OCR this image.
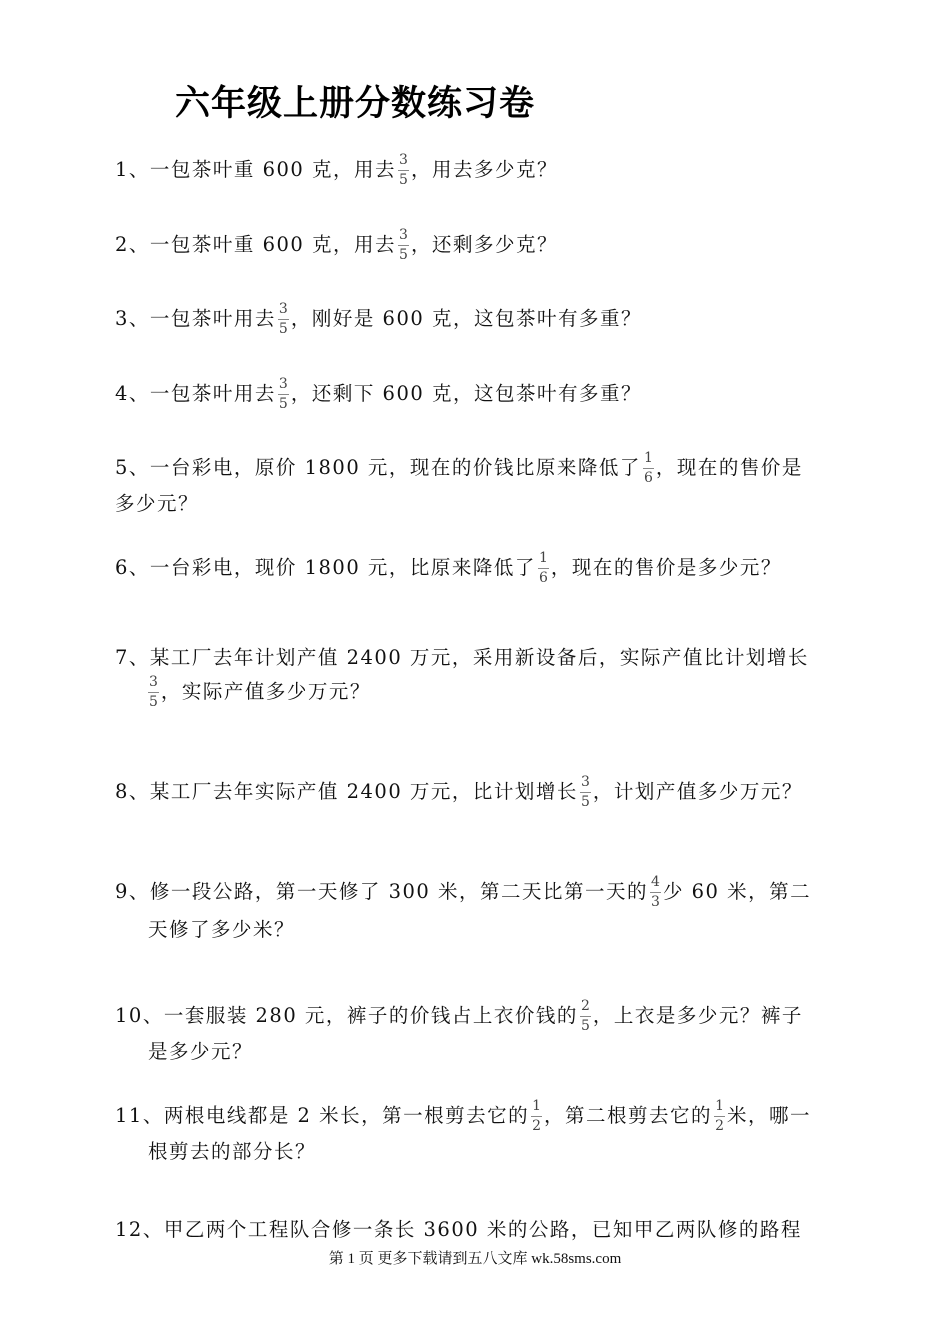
六年级上册分数练习卷
1、一包茶叶重 600 克，用去 $\frac{3}{5}$ ，用去多少克？
2、一包茶叶重 600 克，用去 $\frac{3}{5}$ ，还剩多少克？
3、一包茶叶用去 $\frac{3}{5}$ ，刚好是 600 克，这包茶叶有多重？
4、一包茶叶用去 $\frac{3}{5}$ ，还剩下 600 克，这包茶叶有多重？
5、一台彩电，原价 1800 元，现在的价钱比原来降低了 $\frac{1}{6}$ ，现在的售价是
多少元？
6、一台彩电，现价 1800 元，比原来降低了 $\frac{1}{6}$ ，现在的售价是多少元？
7、某工厂去年计划产值 2400 万元，采用新设备后，实际产值比计划增长
$\frac{3}{5}$ ，实际产值多少万元？
8、某工厂去年实际产值 2400 万元，比计划增长 $\frac{3}{5}$ ，计划产值多少万元？
9、修一段公路，第一天修了 300 米，第二天比第一天的 $\frac{4}{3}$ 少 60 米，第二
天修了多少米？
10、一套服装 280 元，裤子的价钱占上衣价钱的 $\frac{2}{5}$ ，上衣是多少元？裤子
是多少元？
11、两根电线都是 2 米长，第一根剪去它的 $\frac{1}{2}$ ，第二根剪去它的 $\frac{1}{2}$ 米，哪一
根剪去的部分长？
12、甲乙两个工程队合修一条长 3600 米的公路，已知甲乙两队修的路程
第 1 页 更多下载请到五八文库 wk.58sms.com
